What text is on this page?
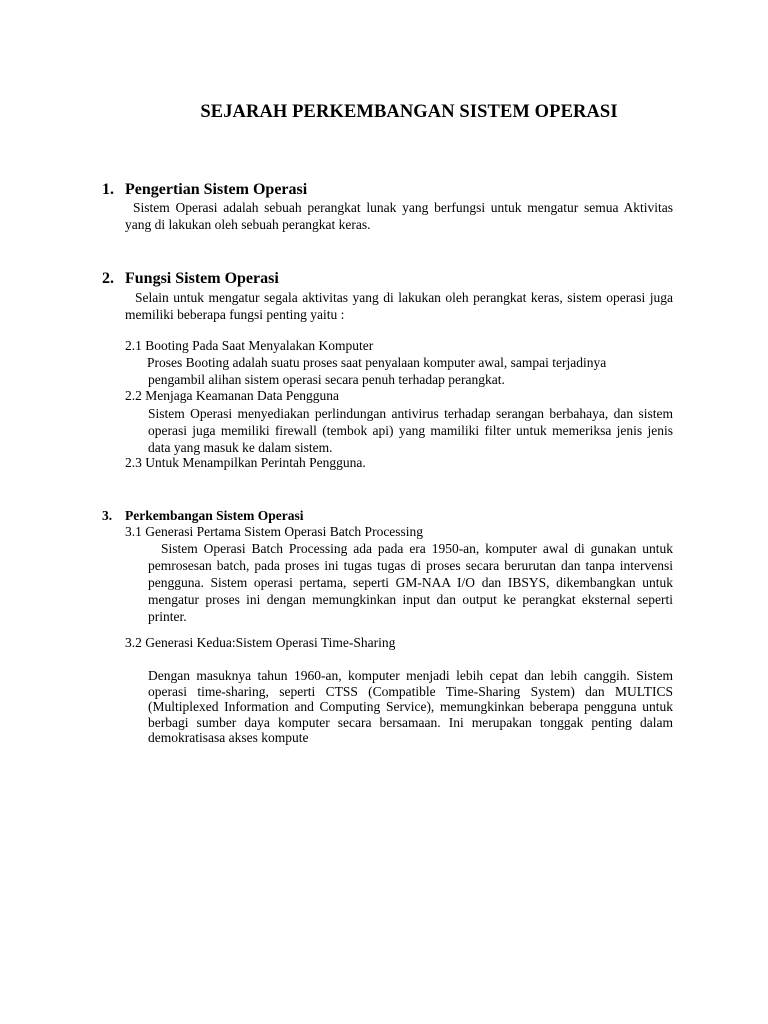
SEJARAH PERKEMBANGAN SISTEM OPERASI
1. Pengertian Sistem Operasi
Sistem Operasi adalah sebuah perangkat lunak yang berfungsi untuk mengatur semua Aktivitas yang di lakukan oleh sebuah perangkat keras.
2. Fungsi Sistem Operasi
Selain untuk mengatur segala aktivitas yang di lakukan oleh perangkat keras, sistem operasi juga memiliki beberapa fungsi penting yaitu :
2.1 Booting Pada Saat Menyalakan Komputer
Proses Booting adalah suatu proses saat penyalaan komputer awal, sampai terjadinya
pengambil alihan sistem operasi secara penuh terhadap perangkat.
2.2 Menjaga Keamanan Data Pengguna
Sistem Operasi menyediakan perlindungan antivirus terhadap serangan berbahaya, dan sistem operasi juga memiliki firewall (tembok api) yang mamiliki filter untuk memeriksa jenis jenis data yang masuk ke dalam sistem.
2.3 Untuk Menampilkan Perintah Pengguna.
3. Perkembangan Sistem Operasi
3.1 Generasi Pertama Sistem Operasi Batch Processing
Sistem Operasi Batch Processing ada pada era 1950-an, komputer awal di gunakan untuk pemrosesan batch, pada proses ini tugas tugas di proses secara berurutan dan tanpa intervensi pengguna. Sistem operasi pertama, seperti GM-NAA I/O dan IBSYS, dikembangkan untuk mengatur proses ini dengan memungkinkan input dan output ke perangkat eksternal seperti printer.
3.2 Generasi Kedua:Sistem Operasi Time-Sharing
Dengan masuknya tahun 1960-an, komputer menjadi lebih cepat dan lebih canggih. Sistem operasi time-sharing, seperti CTSS (Compatible Time-Sharing System) dan MULTICS (Multiplexed Information and Computing Service), memungkinkan beberapa pengguna untuk berbagi sumber daya komputer secara bersamaan. Ini merupakan tonggak penting dalam demokratisasa akses kompute
